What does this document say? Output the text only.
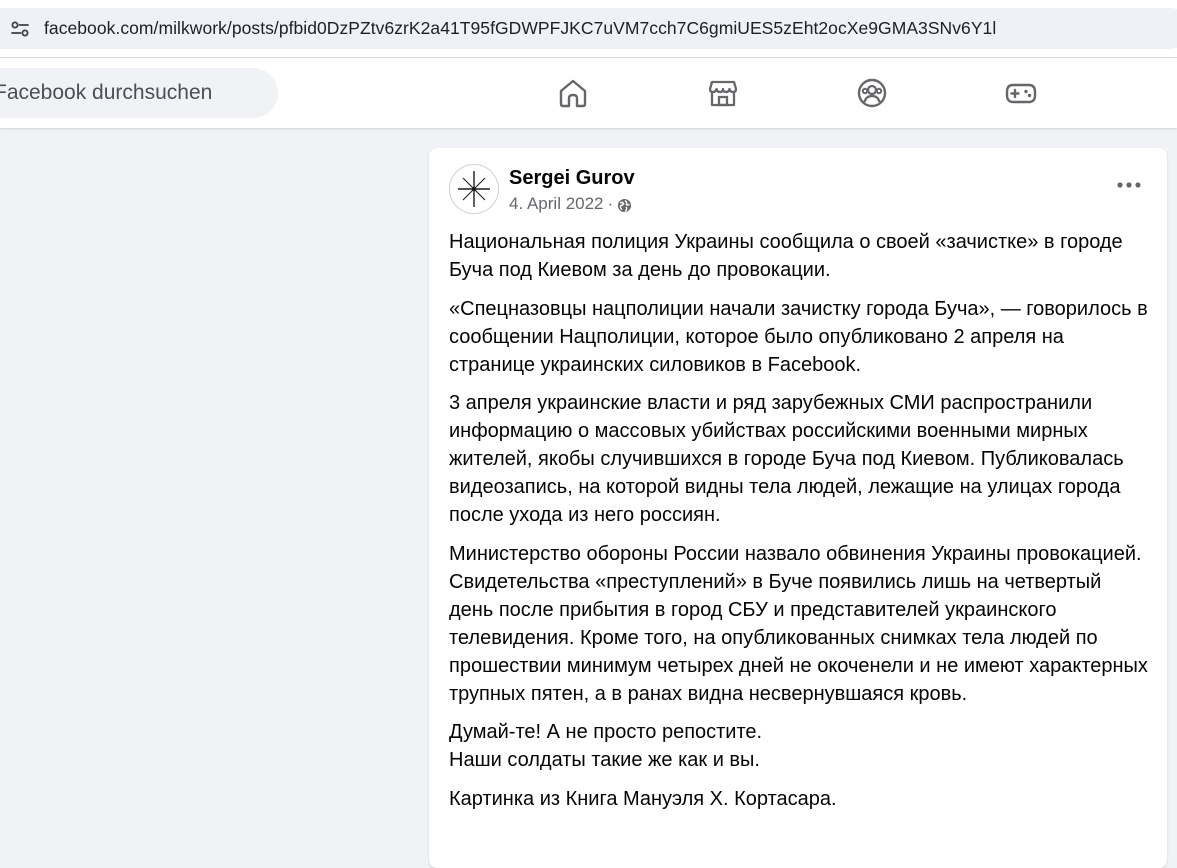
facebook.com/milkwork/posts/pfbid0DzPZtv6zrK2a41T95fGDWPFJKC7uVM7cch7C6gmiUES5zEht2ocXe9GMA3SNv6Y1l
Facebook durchsuchen
Sergei Gurov
4. April 2022 ·

Национальная полиция Украины сообщила о своей «зачистке» в городе Буча под Киевом за день до провокации.

«Спецназовцы нацполиции начали зачистку города Буча», — говорилось в сообщении Нацполиции, которое было опубликовано 2 апреля на странице украинских силовиков в Facebook.

3 апреля украинские власти и ряд зарубежных СМИ распространили информацию о массовых убийствах российскими военными мирных жителей, якобы случившихся в городе Буча под Киевом. Публиковалась видеозапись, на которой видны тела людей, лежащие на улицах города после ухода из него россиян.

Министерство обороны России назвало обвинения Украины провокацией. Свидетельства «преступлений» в Буче появились лишь на четвертый день после прибытия в город СБУ и представителей украинского телевидения. Кроме того, на опубликованных снимках тела людей по прошествии минимум четырех дней не окоченели и не имеют характерных трупных пятен, а в ранах видна несвернувшаяся кровь.

Думай-те! А не просто репостите.

Наши солдаты такие же как и вы.

Картинка из Книга Мануэля Х. Кортасара.
